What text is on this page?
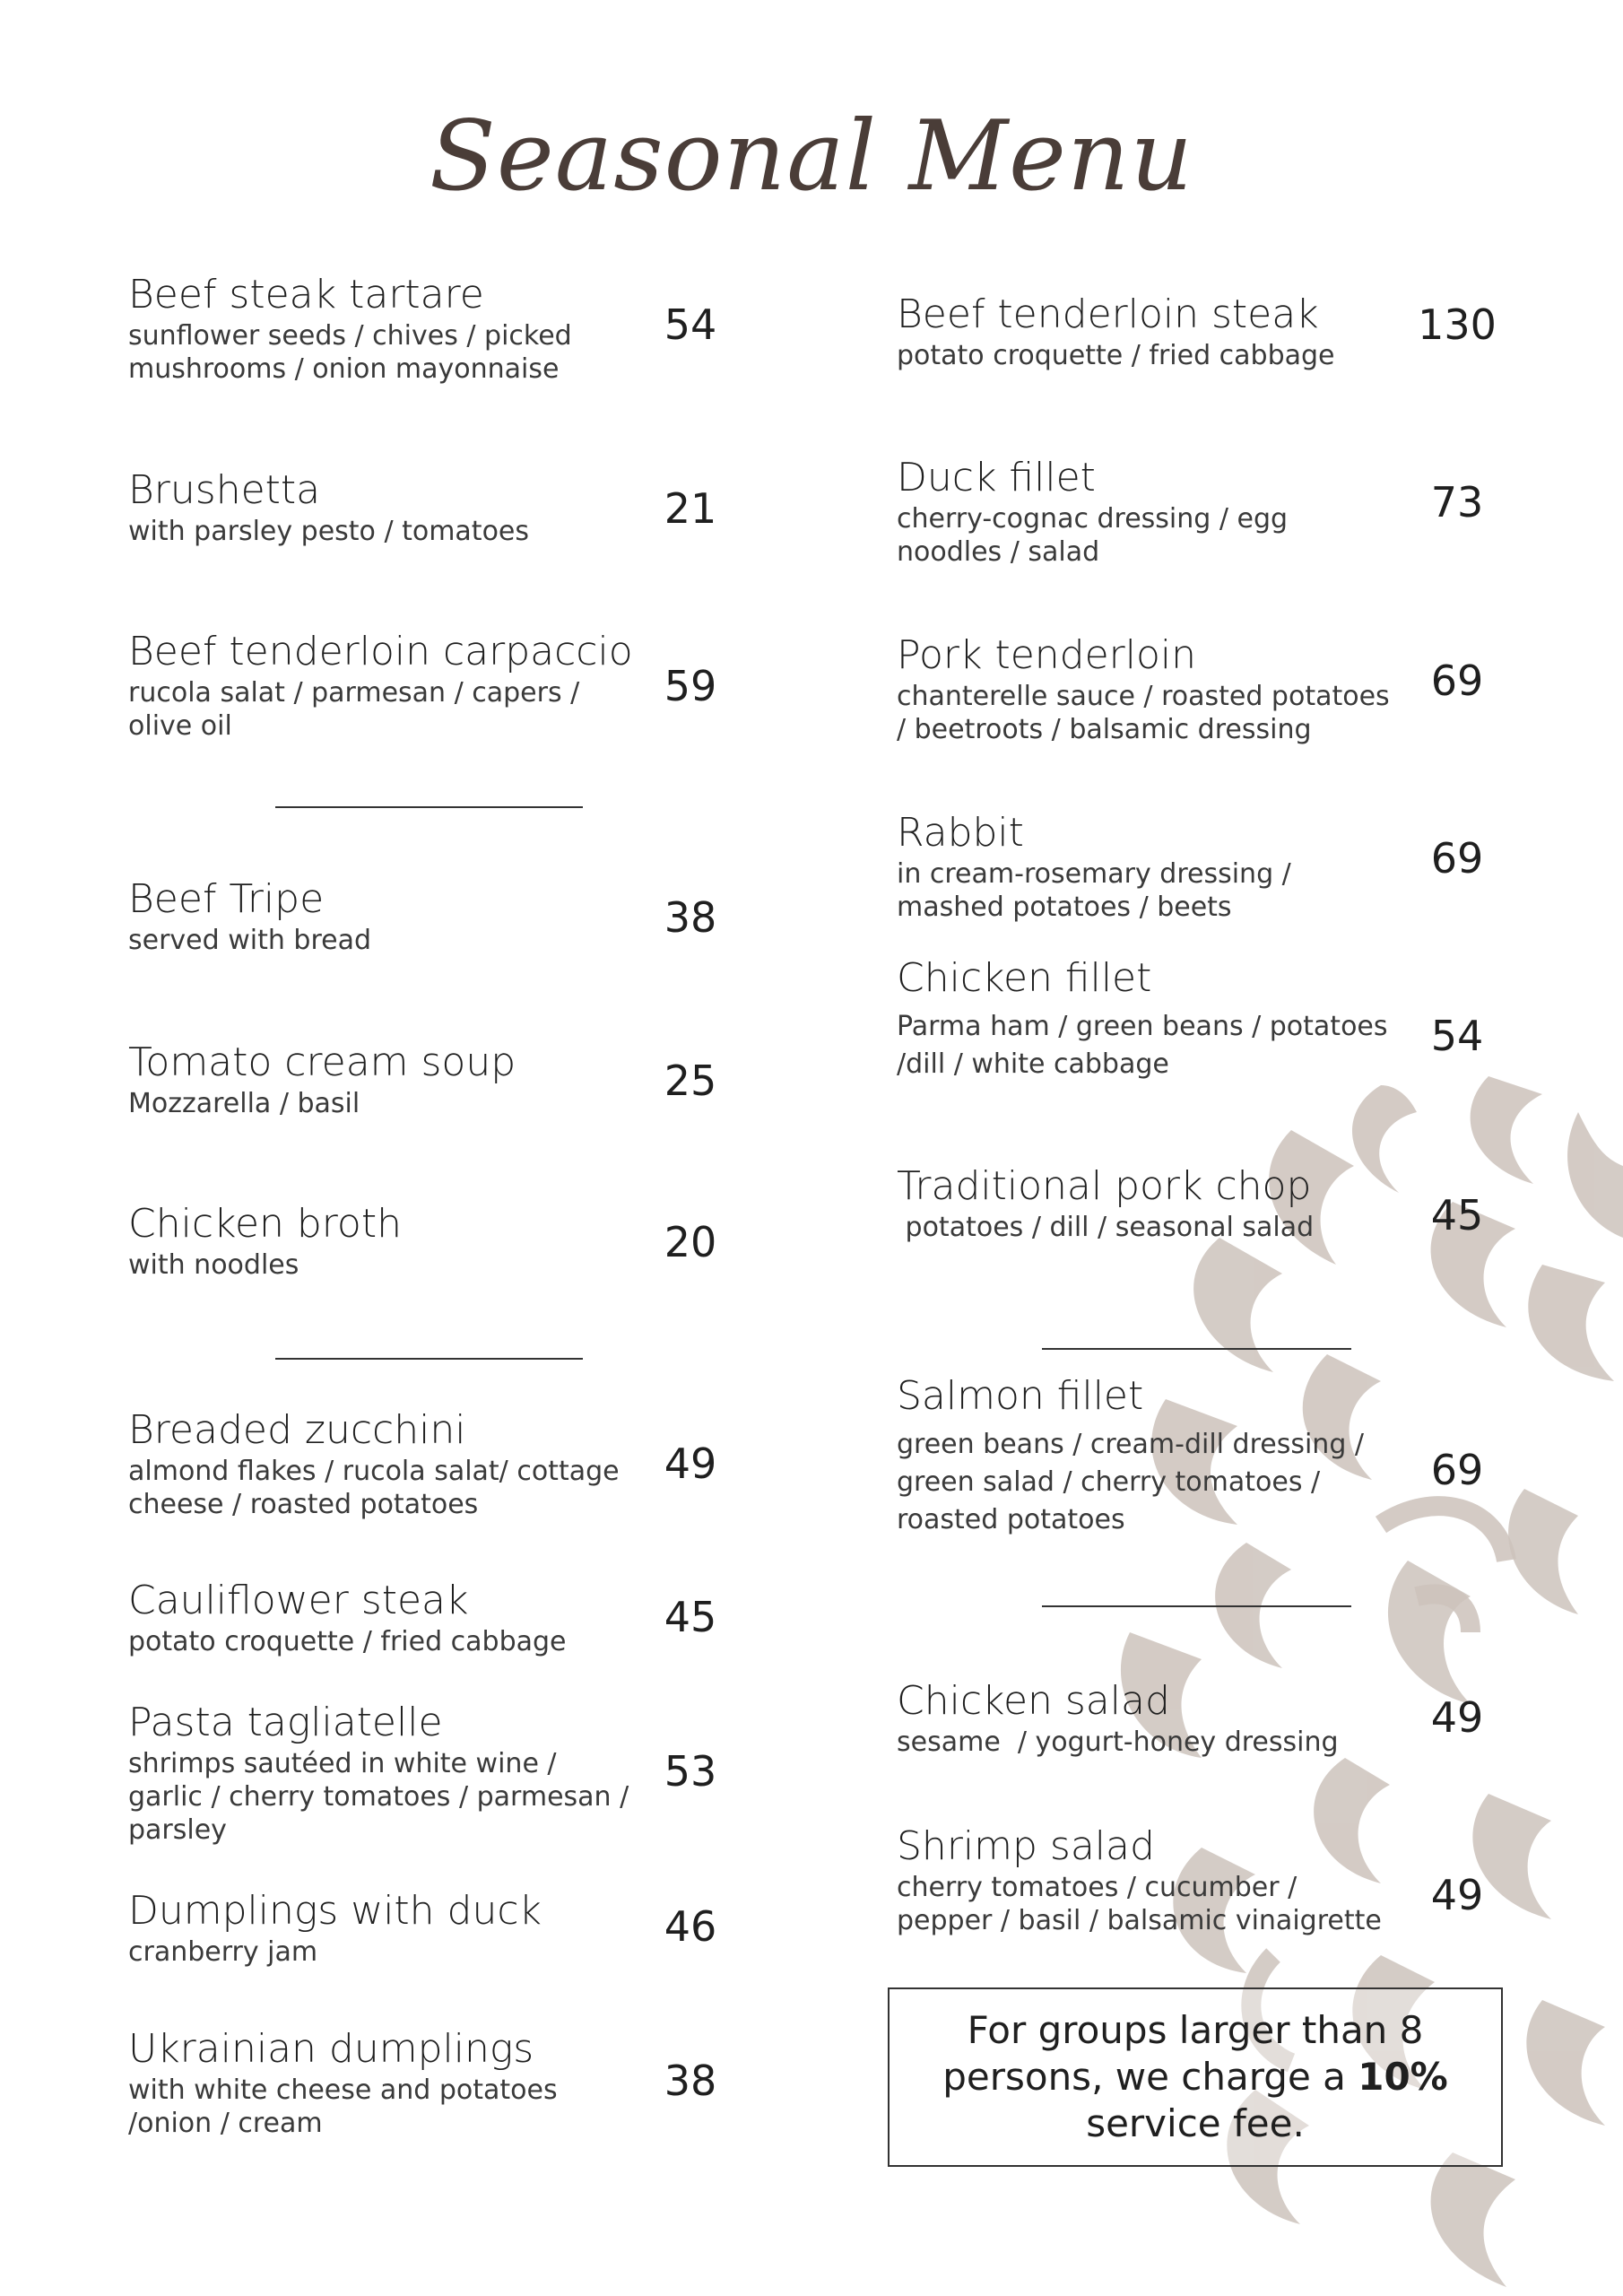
Seasonal Menu
Beef steak tartare
sunflower seeds / chives / picked mushrooms / onion mayonnaise
54
Brushetta
with parsley pesto / tomatoes	21
Beef tenderloin carpaccio
rucola salat / parmesan / capers / olive oil
59
Beef Tripe
served with bread	38
Tomato cream soup
Mozzarella / basil	25
Chicken broth
with noodles	20
Breaded zucchini
almond flakes / rucola salat/ cottage cheese / roasted potatoes
49
Cauliflower steak
potato croquette / fried cabbage
45
Pasta tagliatelle
shrimps sautéed in white wine / garlic / cherry tomatoes / parmesan / parsley
53
Dumplings with duck
cranberry jam
46
Ukrainian dumplings
with white cheese and potatoes /onion / cream
38
Beef tenderloin steak
potato croquette / fried cabbage
130
Duck fillet
cherry-cognac dressing / egg noodles / salad
73
Pork tenderloin
chanterelle sauce / roasted potatoes / beetroots / balsamic dressing
69
Rabbit
in cream-rosemary dressing / mashed potatoes / beets
69
Chicken fillet
Parma ham / green beans / potatoes /dill / white cabbage
54
Traditional pork chop
potatoes / dill / seasonal salad	45
Salmon fillet
green beans / cream-dill dressing / green salad / cherry tomatoes / roasted potatoes
69
Chicken salad
sesame  / yogurt-honey dressing
49
Shrimp salad
cherry tomatoes / cucumber / pepper / basil / balsamic vinaigrette
49
For groups larger than 8 persons, we charge a 10% service fee.
